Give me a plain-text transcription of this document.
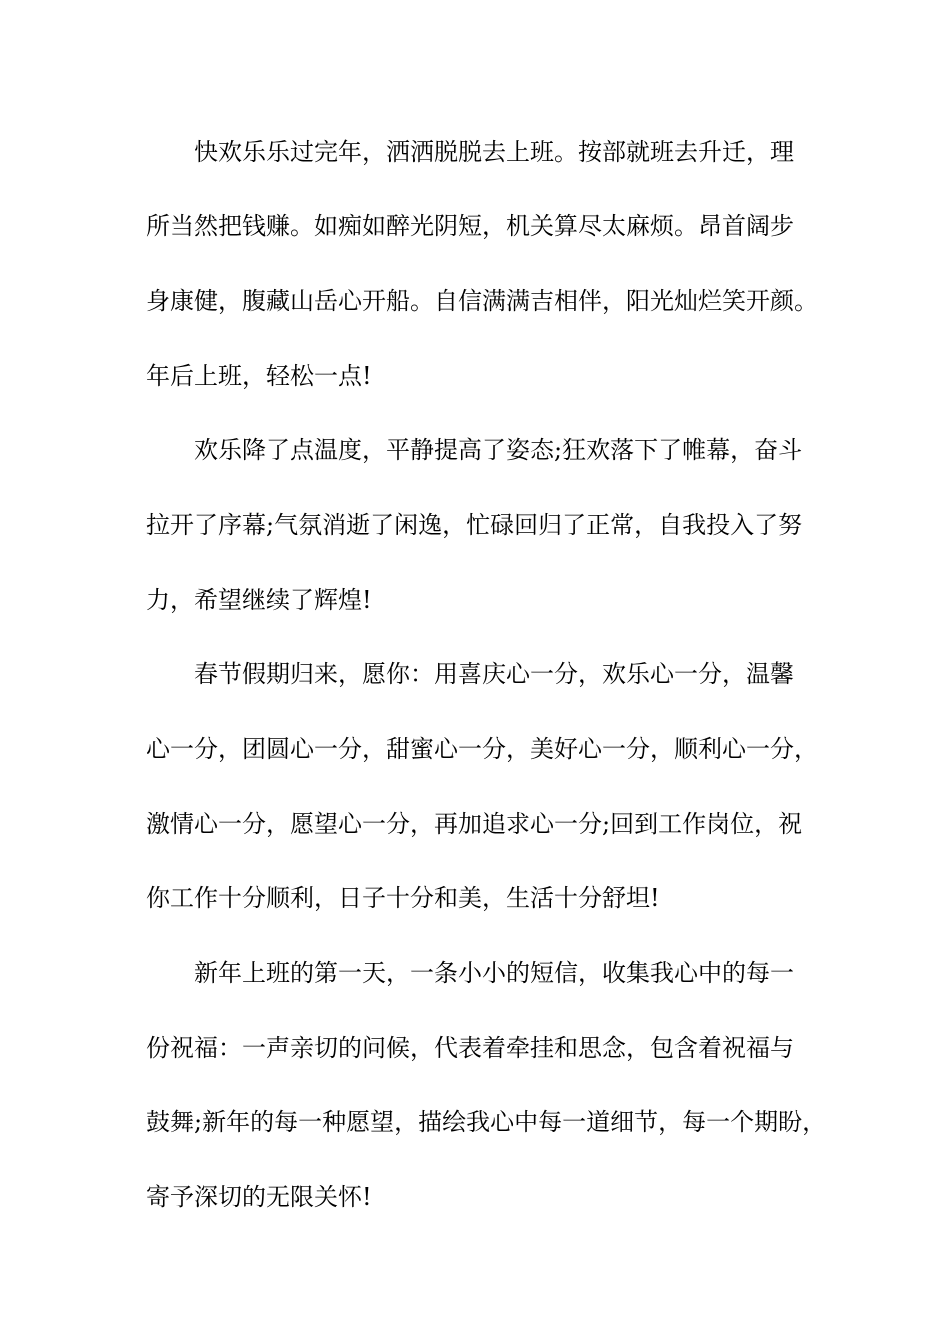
快欢乐乐过完年，洒洒脱脱去上班。按部就班去升迁，理
所当然把钱赚。如痴如醉光阴短，机关算尽太麻烦。昂首阔步
身康健，腹藏山岳心开船。自信满满吉相伴，阳光灿烂笑开颜。
年后上班，轻松一点!
欢乐降了点温度，平静提高了姿态;狂欢落下了帷幕，奋斗
拉开了序幕;气氛消逝了闲逸，忙碌回归了正常，自我投入了努
力，希望继续了辉煌!
春节假期归来，愿你：用喜庆心一分，欢乐心一分，温馨
心一分，团圆心一分，甜蜜心一分，美好心一分，顺利心一分，
激情心一分，愿望心一分，再加追求心一分;回到工作岗位，祝
你工作十分顺利，日子十分和美，生活十分舒坦!
新年上班的第一天，一条小小的短信，收集我心中的每一
份祝福：一声亲切的问候，代表着牵挂和思念，包含着祝福与
鼓舞;新年的每一种愿望，描绘我心中每一道细节，每一个期盼，
寄予深切的无限关怀!
